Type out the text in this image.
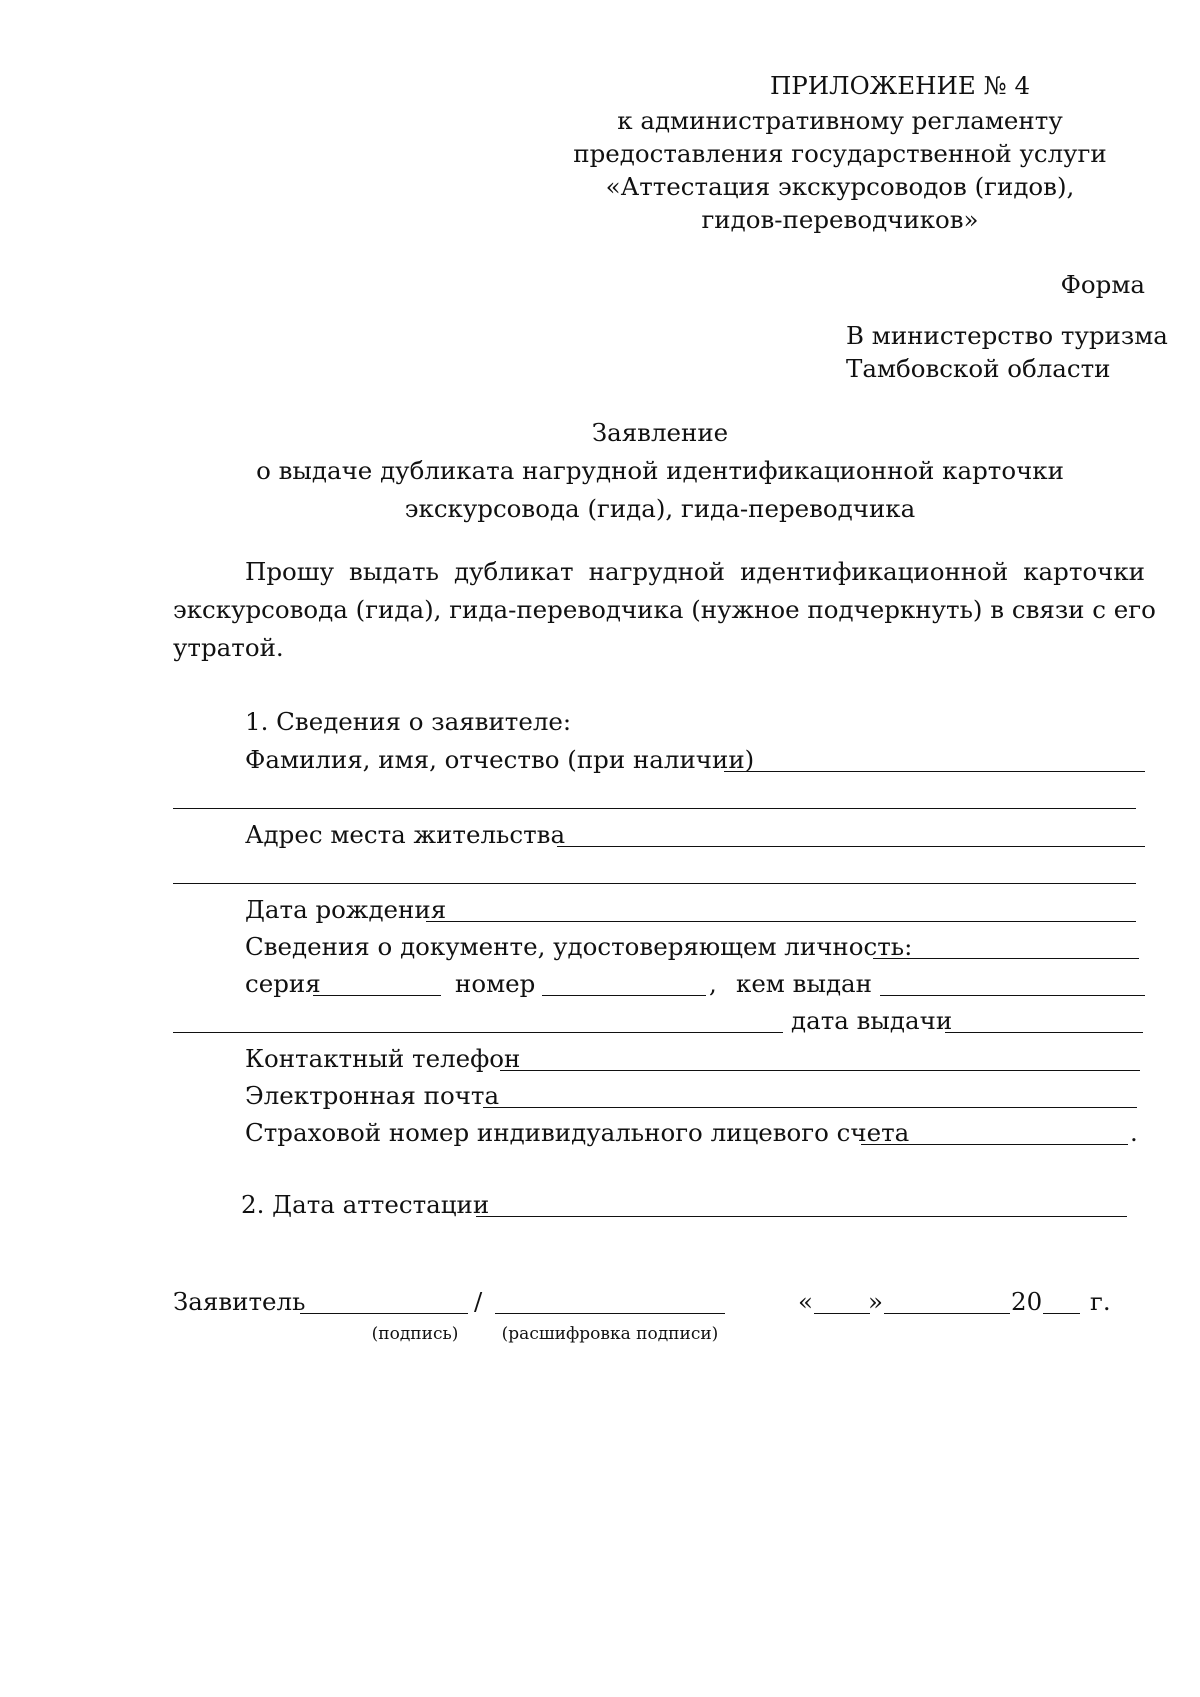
ПРИЛОЖЕНИЕ № 4
к административному регламенту
предоставления государственной услуги
«Аттестация экскурсоводов (гидов),
гидов-переводчиков»
Форма
В министерство туризма
Тамбовской области
Заявление
о выдаче дубликата нагрудной идентификационной карточки
экскурсовода (гида), гида-переводчика
Прошу выдать дубликат нагрудной идентификационной карточки
экскурсовода (гида), гида-переводчика (нужное подчеркнуть) в связи с его
утратой.
1. Сведения о заявителе:
Фамилия, имя, отчество (при наличии)
Адрес места жительства
Дата рождения
Сведения о документе, удостоверяющем личность:
серия	номер	, кем выдан
дата выдачи
Контактный телефон
Электронная почта
Страховой номер индивидуального лицевого счета	.
2. Дата аттестации
Заявитель	/	« »	20 г.
(подпись)	(расшифровка подписи)
